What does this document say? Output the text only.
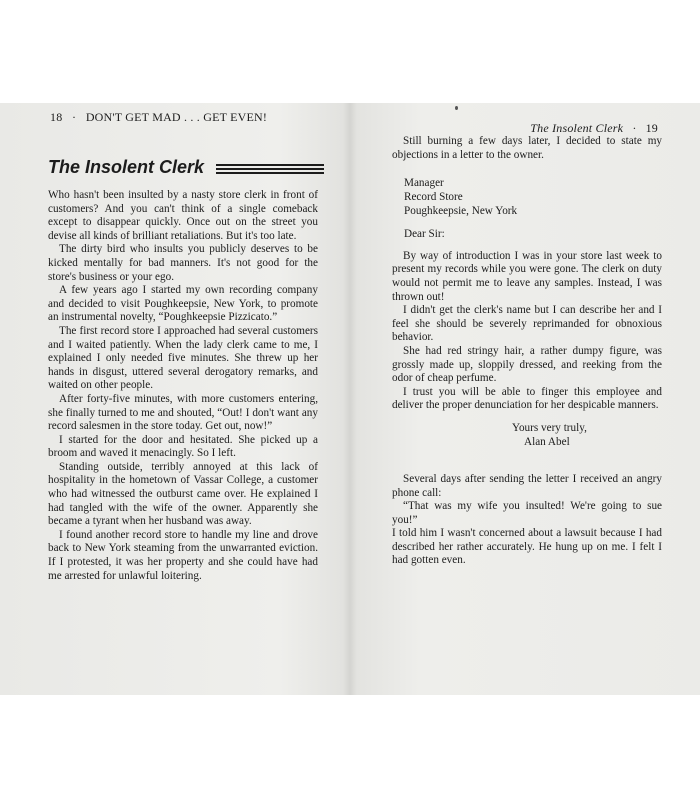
18   ·   DON'T GET MAD . . . GET EVEN!
The Insolent Clerk

Who hasn't been insulted by a nasty store clerk in front of customers? And you can't think of a single comeback except to disappear quickly. Once out on the street you devise all kinds of brilliant retaliations. But it's too late.

The dirty bird who insults you publicly deserves to be kicked mentally for bad manners. It's not good for the store's business or your ego.

A few years ago I started my own recording company and decided to visit Poughkeepsie, New York, to promote an instrumental novelty, “Poughkeepsie Pizzicato.”

The first record store I approached had several customers and I waited patiently. When the lady clerk came to me, I explained I only needed five minutes. She threw up her hands in disgust, uttered several derogatory remarks, and waited on other people.

After forty-five minutes, with more customers entering, she finally turned to me and shouted, “Out! I don't want any record salesmen in the store today. Get out, now!”

I started for the door and hesitated. She picked up a broom and waved it menacingly. So I left.

Standing outside, terribly annoyed at this lack of hospitality in the hometown of Vassar College, a customer who had witnessed the outburst came over. He explained I had tangled with the wife of the owner. Apparently she became a tyrant when her husband was away.

I found another record store to handle my line and drove back to New York steaming from the unwarranted eviction. If I protested, it was her property and she could have had me arrested for unlawful loitering.

The Insolent Clerk   ·   19

Still burning a few days later, I decided to state my objections in a letter to the owner.

Manager
Record Store
Poughkeepsie, New York
Dear Sir:

By way of introduction I was in your store last week to present my records while you were gone. The clerk on duty would not permit me to leave any samples. Instead, I was thrown out!

I didn't get the clerk's name but I can describe her and I feel she should be severely reprimanded for obnoxious behavior.

She had red stringy hair, a rather dumpy figure, was grossly made up, sloppily dressed, and reeking from the odor of cheap perfume.

I trust you will be able to finger this employee and deliver the proper denunciation for her despicable manners.

Yours very truly,
Alan Abel

Several days after sending the letter I received an angry phone call:

“That was my wife you insulted! We're going to sue you!”

I told him I wasn't concerned about a lawsuit because I had described her rather accurately. He hung up on me. I felt I had gotten even.
